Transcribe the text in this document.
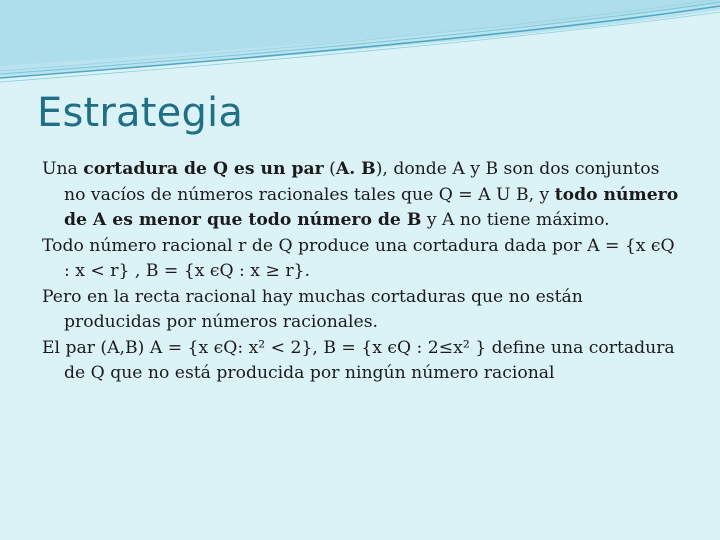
Estrategia

Una cortadura de Q es un par (A. B), donde A y B son dos conjuntos no vacíos de números racionales tales que Q = A U B, y todo número de A es menor que todo número de B y A no tiene máximo.

Todo número racional r de Q produce una cortadura dada por A = {x ϵQ : x < r} , B = {x ϵQ : x ≥ r}.

Pero en la recta racional hay muchas cortaduras que no están producidas por números racionales.

El par (A,B) A = {x ϵQ: x² < 2}, B = {x ϵQ : 2≤x² } define una cortadura de Q que no está producida por ningún número racional
